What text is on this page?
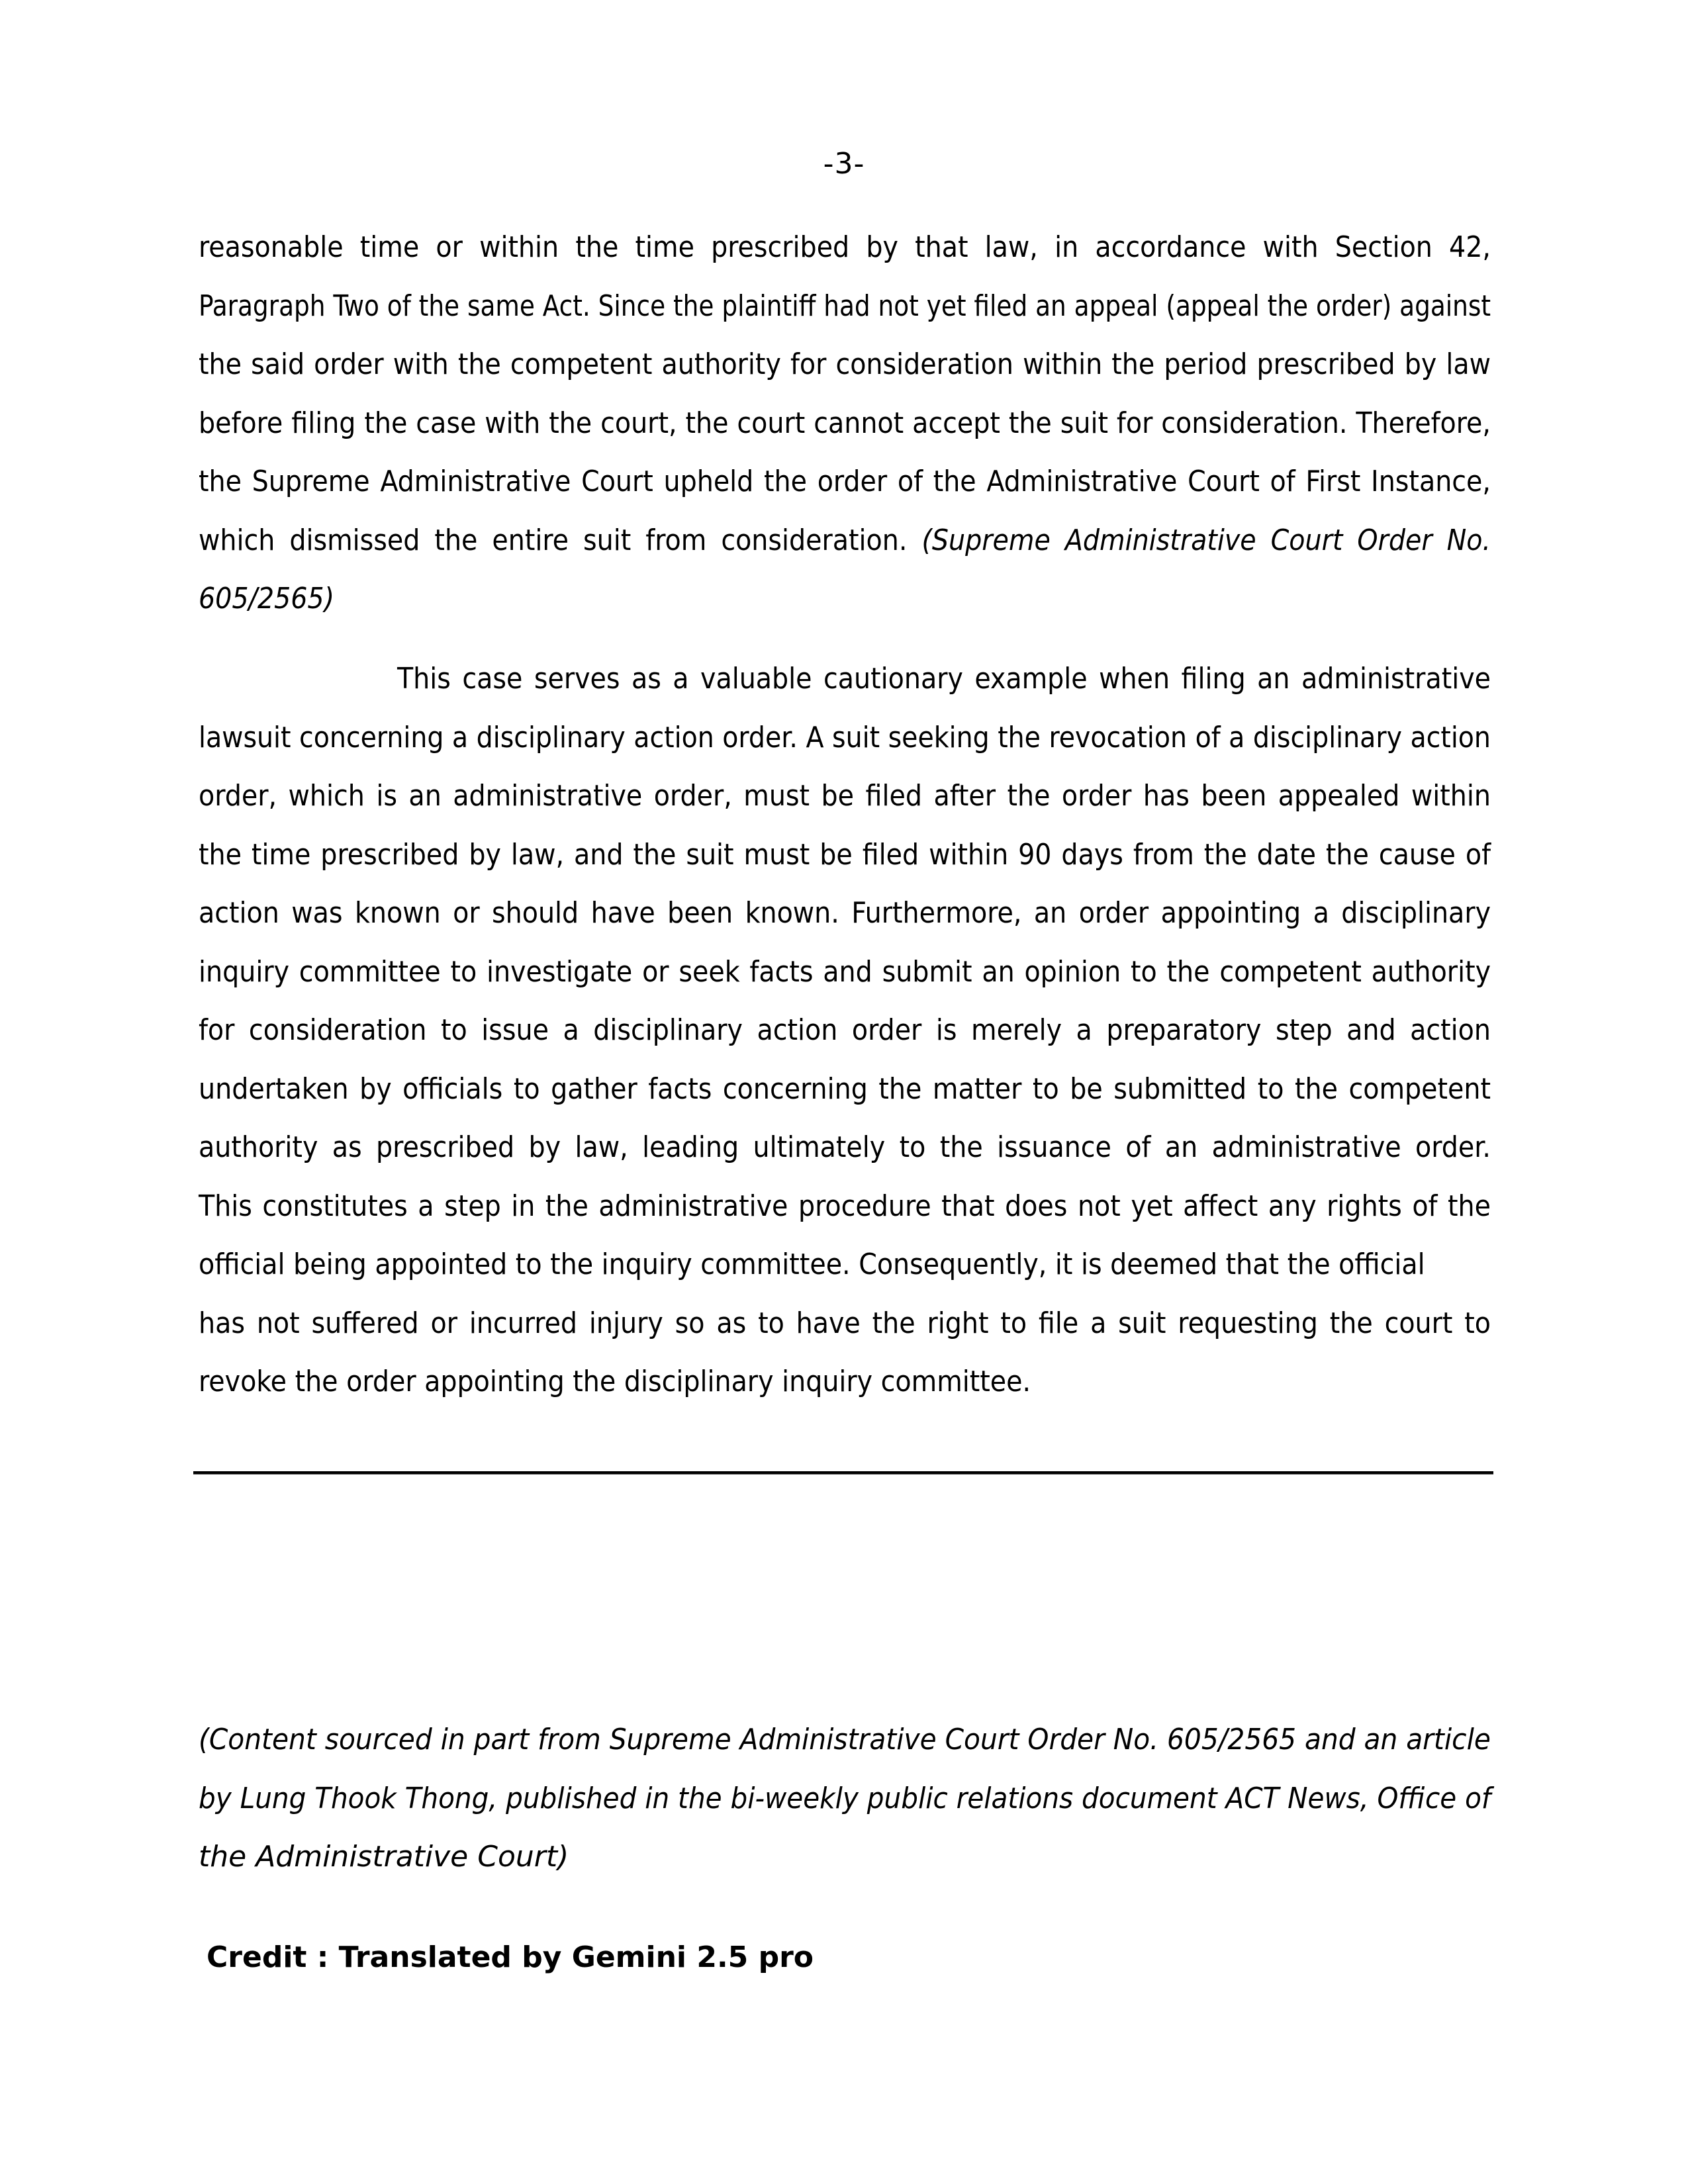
-3-
reasonable time or within the time prescribed by that law, in accordance with Section 42,
Paragraph Two of the same Act. Since the plaintiff had not yet filed an appeal (appeal the order) against
the said order with the competent authority for consideration within the period prescribed by law
before filing the case with the court, the court cannot accept the suit for consideration. Therefore,
the Supreme Administrative Court upheld the order of the Administrative Court of First Instance,
which dismissed the entire suit from consideration. (Supreme Administrative Court Order No.
605/2565)
This case serves as a valuable cautionary example when filing an administrative
lawsuit concerning a disciplinary action order. A suit seeking the revocation of a disciplinary action
order, which is an administrative order, must be filed after the order has been appealed within
the time prescribed by law, and the suit must be filed within 90 days from the date the cause of
action was known or should have been known. Furthermore, an order appointing a disciplinary
inquiry committee to investigate or seek facts and submit an opinion to the competent authority
for consideration to issue a disciplinary action order is merely a preparatory step and action
undertaken by officials to gather facts concerning the matter to be submitted to the competent
authority as prescribed by law, leading ultimately to the issuance of an administrative order.
This constitutes a step in the administrative procedure that does not yet affect any rights of the
official being appointed to the inquiry committee. Consequently, it is deemed that the official
has not suffered or incurred injury so as to have the right to file a suit requesting the court to
revoke the order appointing the disciplinary inquiry committee.
(Content sourced in part from Supreme Administrative Court Order No. 605/2565 and an article
by Lung Thook Thong, published in the bi-weekly public relations document ACT News, Office of
the Administrative Court)
Credit : Translated by Gemini 2.5 pro
